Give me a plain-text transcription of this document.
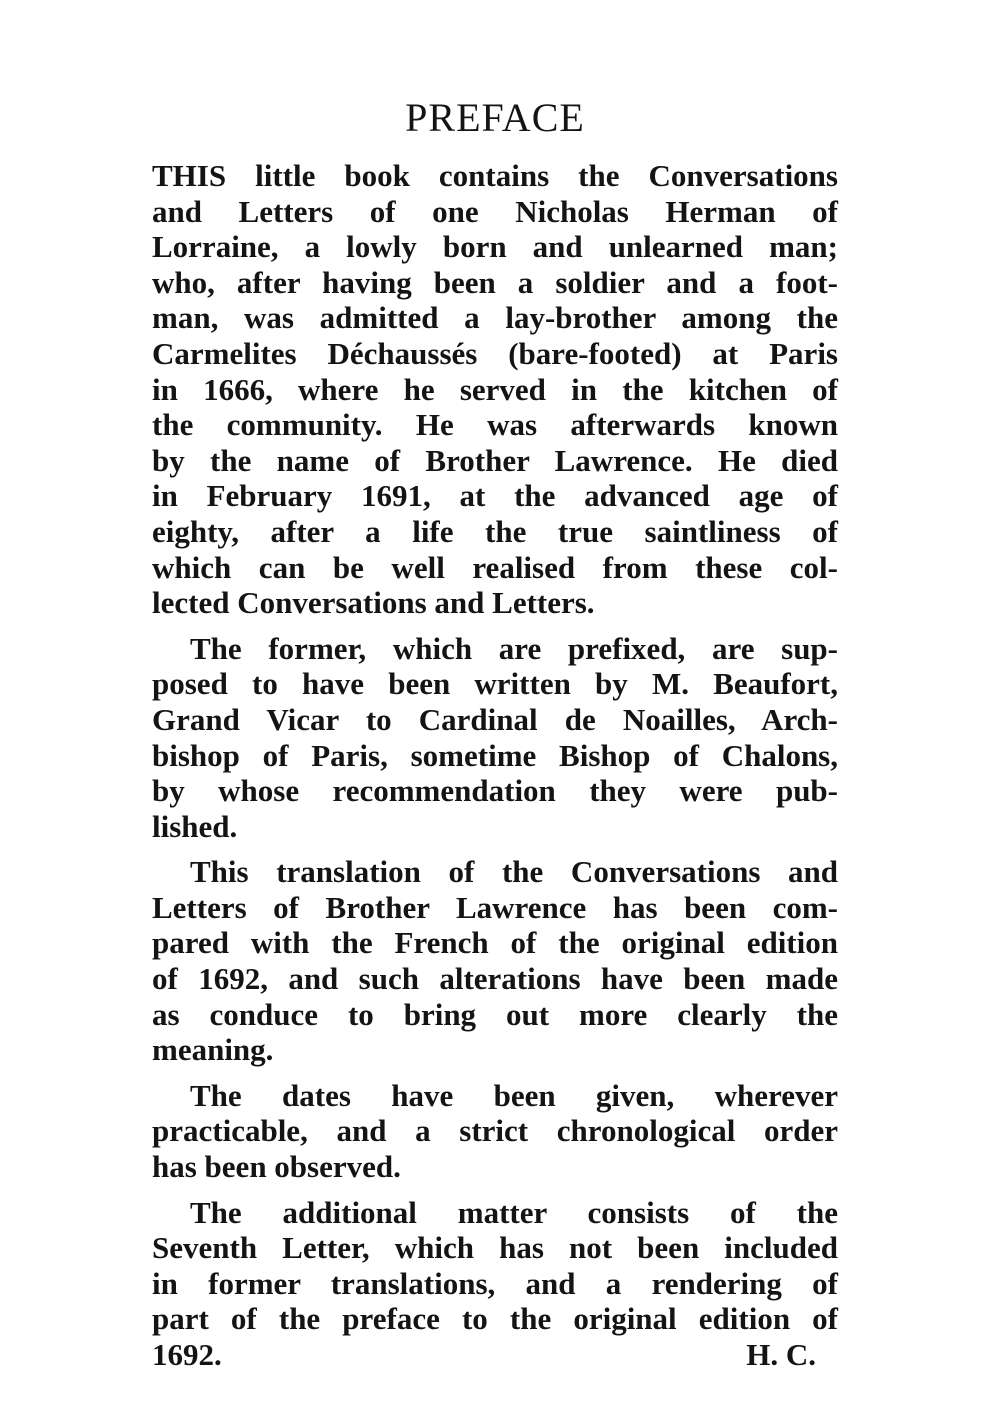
PREFACE
THIS little book contains the Conversations
and Letters of one Nicholas Herman of
Lorraine, a lowly born and unlearned man;
who, after having been a soldier and a foot-
man, was admitted a lay-brother among the
Carmelites Déchaussés (bare-footed) at Paris
in 1666, where he served in the kitchen of
the community. He was afterwards known
by the name of Brother Lawrence. He died
in February 1691, at the advanced age of
eighty, after a life the true saintliness of
which can be well realised from these col-
lected Conversations and Letters.
The former, which are prefixed, are sup-
posed to have been written by M. Beaufort,
Grand Vicar to Cardinal de Noailles, Arch-
bishop of Paris, sometime Bishop of Chalons,
by whose recommendation they were pub-
lished.
This translation of the Conversations and
Letters of Brother Lawrence has been com-
pared with the French of the original edition
of 1692, and such alterations have been made
as conduce to bring out more clearly the
meaning.
The dates have been given, wherever
practicable, and a strict chronological order
has been observed.
The additional matter consists of the
Seventh Letter, which has not been included
in former translations, and a rendering of
part of the preface to the original edition of
1692.	H. C.
